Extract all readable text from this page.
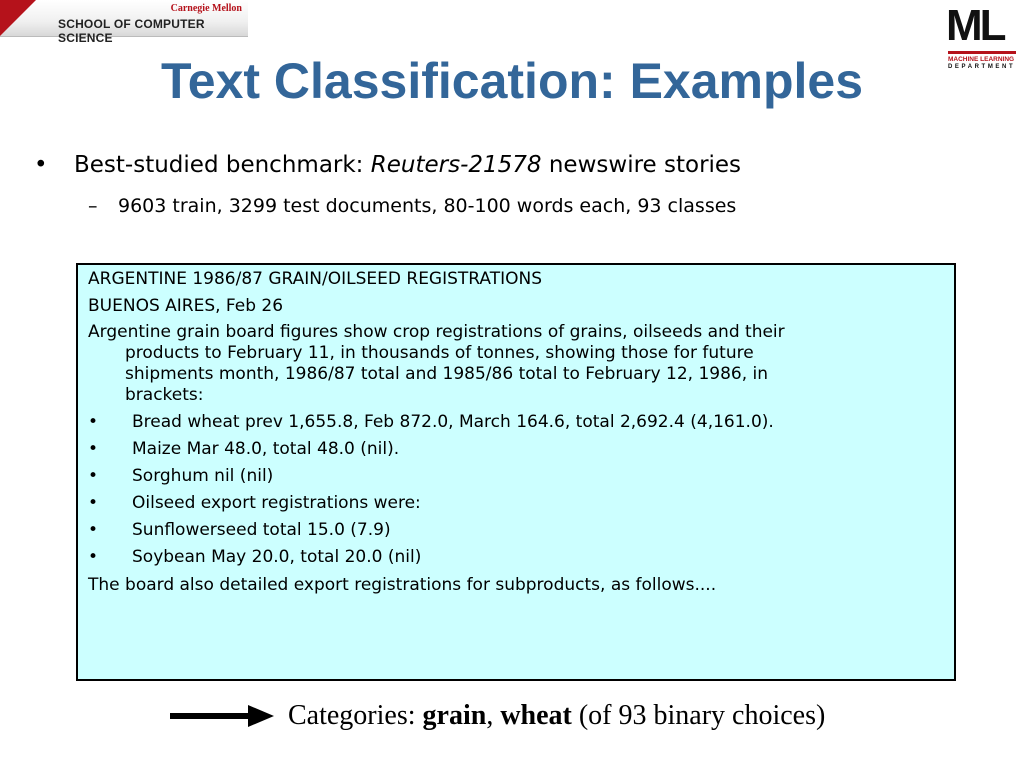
Carnegie Mellon
SCHOOL OF COMPUTER SCIENCE	ML
MACHINE LEARNING
DEPARTMENT
Text Classification: Examples
• Best-studied benchmark: Reuters-21578 newswire stories
– 9603 train, 3299 test documents, 80-100 words each, 93 classes
ARGENTINE 1986/87 GRAIN/OILSEED REGISTRATIONS
BUENOS AIRES, Feb 26
Argentine grain board figures show crop registrations of grains, oilseeds and their
products to February 11, in thousands of tonnes, showing those for future
shipments month, 1986/87 total and 1985/86 total to February 12, 1986, in
brackets:
• Bread wheat prev 1,655.8, Feb 872.0, March 164.6, total 2,692.4 (4,161.0).
• Maize Mar 48.0, total 48.0 (nil).
• Sorghum nil (nil)
• Oilseed export registrations were:
• Sunflowerseed total 15.0 (7.9)
• Soybean May 20.0, total 20.0 (nil)
The board also detailed export registrations for subproducts, as follows....
Categories: grain, wheat (of 93 binary choices)
